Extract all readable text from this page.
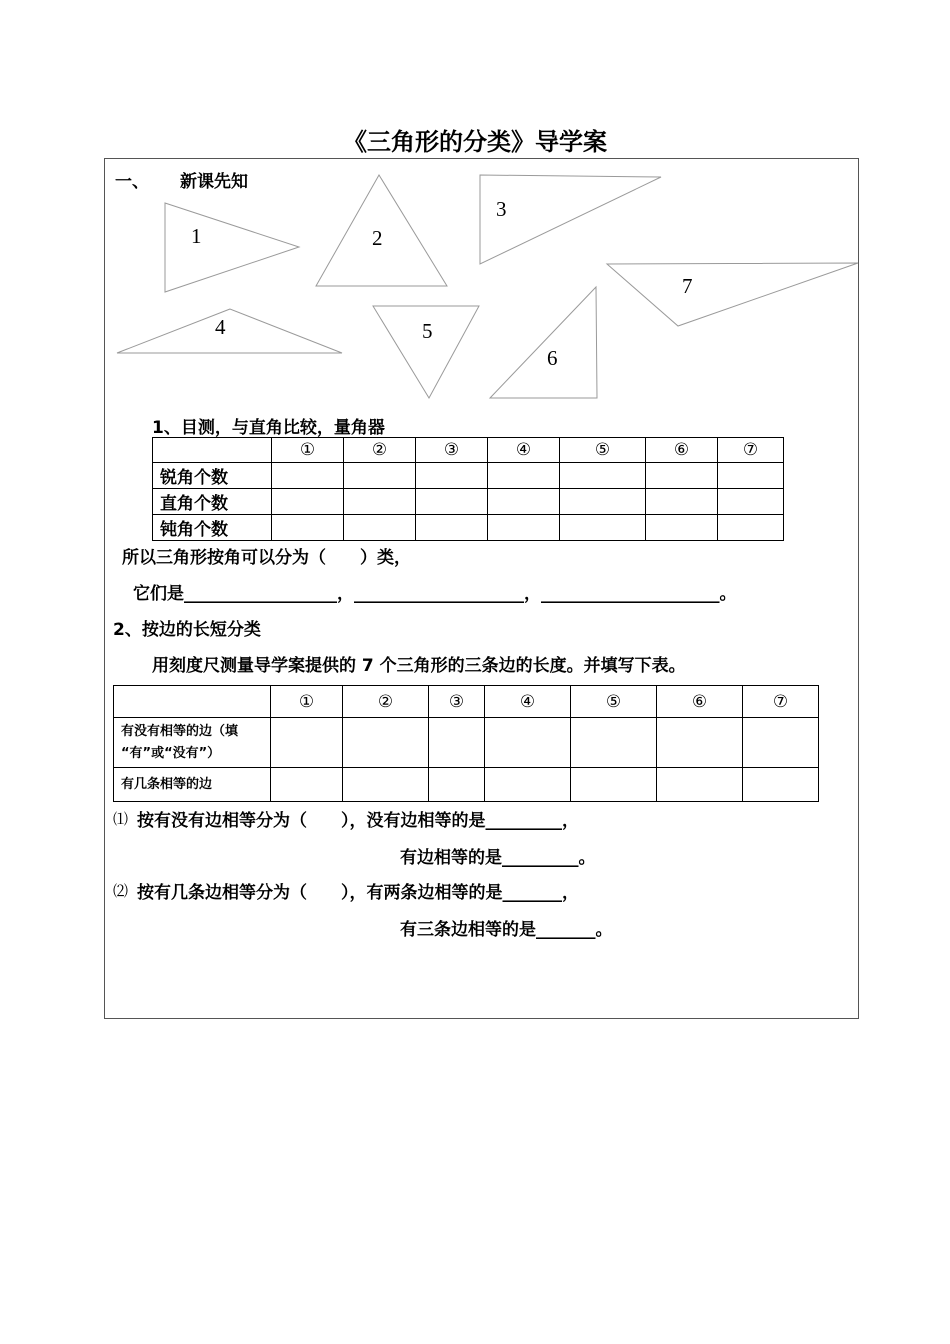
《三角形的分类》导学案
一、 新课先知
1	2
3
4	5
6
7
1、目测，与直角比较，量角器
	①	②	③	④	⑤	⑥	⑦
锐角个数							
直角个数							
钝角个数							
所以三角形按角可以分为（　　）类，
它们是__________________，____________________，_____________________。
2、按边的长短分类
用刻度尺测量导学案提供的 7 个三角形的三条边的长度。并填写下表。
	①	②	③	④	⑤	⑥	⑦

有没有相等的边（填
“有”或“没有”）							

有几条相等的边							
⑴ 按有没有边相等分为（　　），没有边相等的是_________，
有边相等的是_________。
⑵ 按有几条边相等分为（　　），有两条边相等的是_______，
有三条边相等的是_______。
